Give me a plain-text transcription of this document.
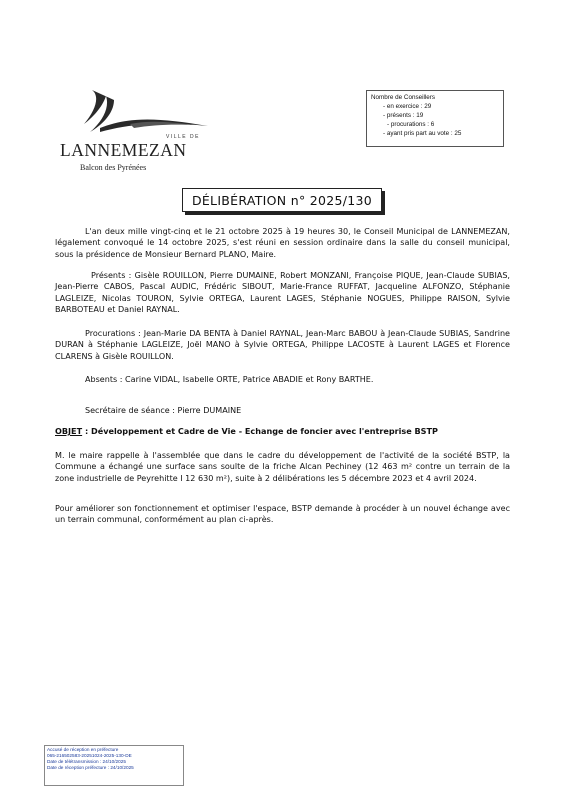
VILLE DE
LANNEMEZAN
Balcon des Pyrénées
Nombre de Conseillers
- en exercice : 29
- présents : 19
- procurations : 6
- ayant pris part au vote : 25
DÉLIBÉRATION n° 2025/130
L'an deux mille vingt-cinq et le 21 octobre 2025 à 19 heures 30, le Conseil Municipal de LANNEMEZAN, légalement convoqué le 14 octobre 2025, s'est réuni en session ordinaire dans la salle du conseil municipal, sous la présidence de Monsieur Bernard PLANO, Maire.
Présents : Gisèle ROUILLON, Pierre DUMAINE, Robert MONZANI, Françoise PIQUE, Jean-Claude SUBIAS, Jean-Pierre CABOS, Pascal AUDIC, Frédéric SIBOUT, Marie-France RUFFAT, Jacqueline ALFONZO, Stéphanie LAGLEIZE, Nicolas TOURON, Sylvie ORTEGA, Laurent LAGES, Stéphanie NOGUES, Philippe RAISON, Sylvie BARBOTEAU et Daniel RAYNAL.
Procurations : Jean-Marie DA BENTA à Daniel RAYNAL, Jean-Marc BABOU à Jean-Claude SUBIAS, Sandrine DURAN à Stéphanie LAGLEIZE, Joël MANO à Sylvie ORTEGA, Philippe LACOSTE à Laurent LAGES et Florence CLARENS à Gisèle ROUILLON.
Absents : Carine VIDAL, Isabelle ORTE, Patrice ABADIE et Rony BARTHE.
Secrétaire de séance : Pierre DUMAINE
OBJET : Développement et Cadre de Vie - Echange de foncier avec l'entreprise BSTP
M. le maire rappelle à l'assemblée que dans le cadre du développement de l'activité de la société BSTP, la Commune a échangé une surface sans soulte de la friche Alcan Pechiney (12 463 m² contre un terrain de la zone industrielle de Peyrehitte I 12 630 m²), suite à 2 délibérations les 5 décembre 2023 et 4 avril 2024.
Pour améliorer son fonctionnement et optimiser l'espace, BSTP demande à procéder à un nouvel échange avec un terrain communal, conformément au plan ci-après.
Accusé de réception en préfecture
065-216502583-20251024-2025-130-DE
Date de télétransmission : 24/10/2025
Date de réception préfecture : 24/10/2025
